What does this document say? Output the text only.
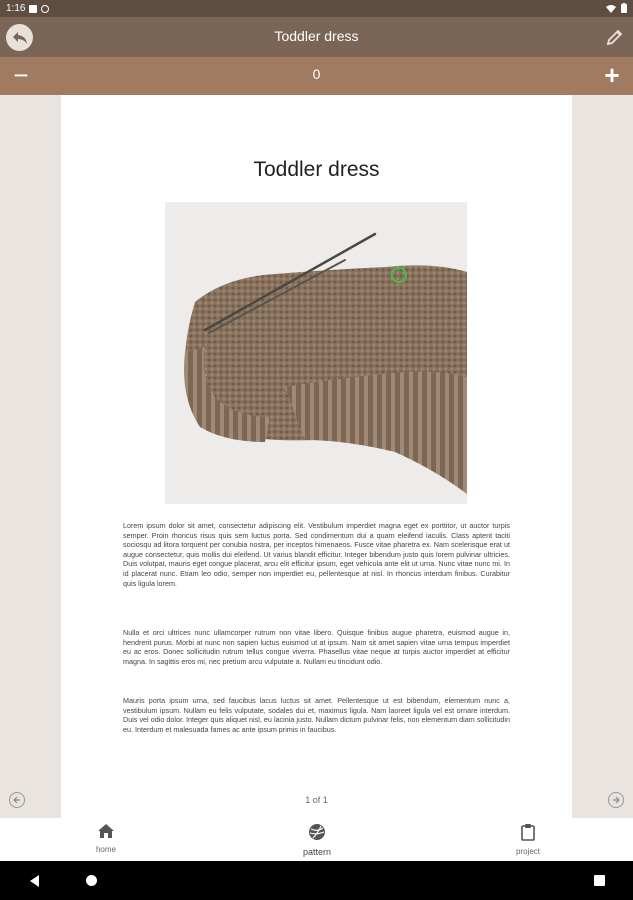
1:16
Toddler dress
−	0	+
Toddler dress
Lorem ipsum dolor sit amet, consectetur adipiscing elit. Vestibulum imperdiet magna eget ex porttitor, ut auctor turpis semper. Proin rhoncus risus quis sem luctus porta. Sed condimentum dui a quam eleifend iaculis. Class aptent taciti sociosqu ad litora torquent per conubia nostra, per inceptos himenaeos. Fusce vitae pharetra ex. Nam scelerisque erat ut augue consectetur, quis mollis dui eleifend. Ut varius blandit efficitur. Integer bibendum justo quis lorem pulvinar ultricies. Duis volutpat, mauris eget congue placerat, arcu elit efficitur ipsum, eget vehicula ante elit ut urna. Nunc vitae nunc mi. In id placerat nunc. Etiam leo odio, semper non imperdiet eu, pellentesque at nisl. In rhoncus interdum finibus. Curabitur quis ligula lorem.
Nulla et orci ultrices nunc ullamcorper rutrum non vitae libero. Quisque finibus augue pharetra, euismod augue in, hendrerit purus. Morbi at nunc non sapien luctus euismod ut at ipsum. Nam sit amet sapien vitae urna tempus imperdiet eu ac eros. Donec sollicitudin rutrum tellus congue viverra. Phasellus vitae neque at turpis auctor imperdiet at efficitur magna. In sagittis eros mi, nec pretium arcu vulputate a. Nullam eu tincidunt odio.
Mauris porta ipsum urna, sed faucibus lacus luctus sit amet. Pellentesque ut est bibendum, elementum nunc a, vestibulum ipsum. Nullam eu felis vulputate, sodales dui et, maximus ligula. Nam laoreet ligula vel est ornare interdum. Duis vel odio dolor. Integer quis aliquet nisl, eu lacinia justo. Nullam dictum pulvinar felis, non elementum diam sollicitudin eu. Interdum et malesuada fames ac ante ipsum primis in faucibus.
1 of 1
home	pattern	project
